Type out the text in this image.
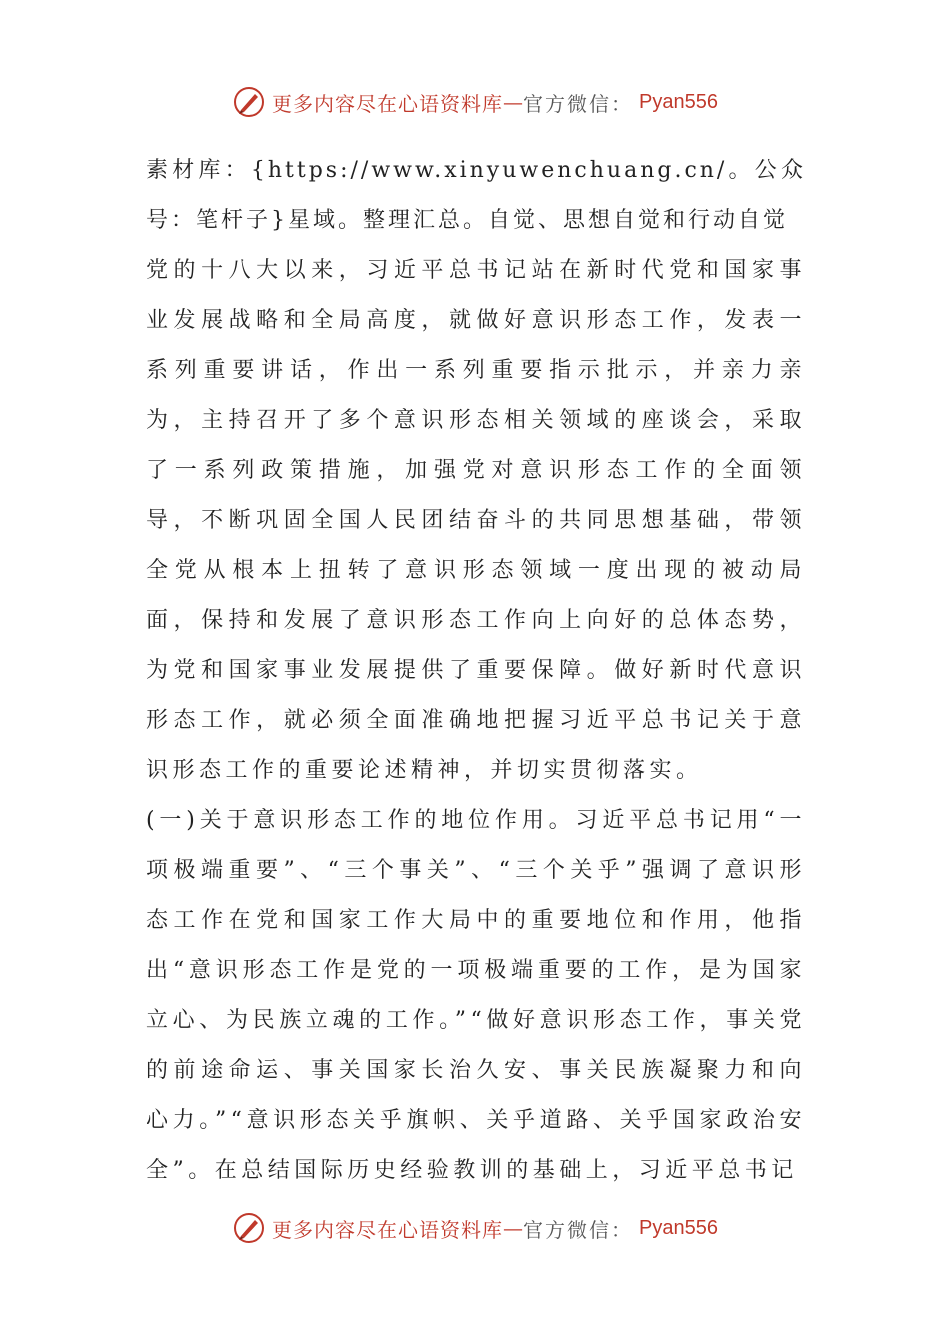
更多内容尽在心语资料库 — 官方微信： Pyan556

素材库：{https://www.xinyuwenchuang.cn/。公众号：笔杆子}星域。整理汇总。自觉、思想自觉和行动自觉

党的十八大以来，习近平总书记站在新时代党和国家事业发展战略和全局高度，就做好意识形态工作，发表一系列重要讲话，作出一系列重要指示批示，并亲力亲为，主持召开了多个意识形态相关领域的座谈会，采取了一系列政策措施，加强党对意识形态工作的全面领导，不断巩固全国人民团结奋斗的共同思想基础，带领全党从根本上扭转了意识形态领域一度出现的被动局面，保持和发展了意识形态工作向上向好的总体态势，为党和国家事业发展提供了重要保障。做好新时代意识形态工作，就必须全面准确地把握习近平总书记关于意识形态工作的重要论述精神，并切实贯彻落实。

(一)关于意识形态工作的地位作用。习近平总书记用“一项极端重要”、“三个事关”、“三个关乎”强调了意识形态工作在党和国家工作大局中的重要地位和作用，他指出“意识形态工作是党的一项极端重要的工作，是为国家立心、为民族立魂的工作。”“做好意识形态工作，事关党的前途命运、事关国家长治久安、事关民族凝聚力和向心力。”“意识形态关乎旗帜、关乎道路、关乎国家政治安全”。在总结国际历史经验教训的基础上，习近平总书记

更多内容尽在心语资料库 — 官方微信： Pyan556
